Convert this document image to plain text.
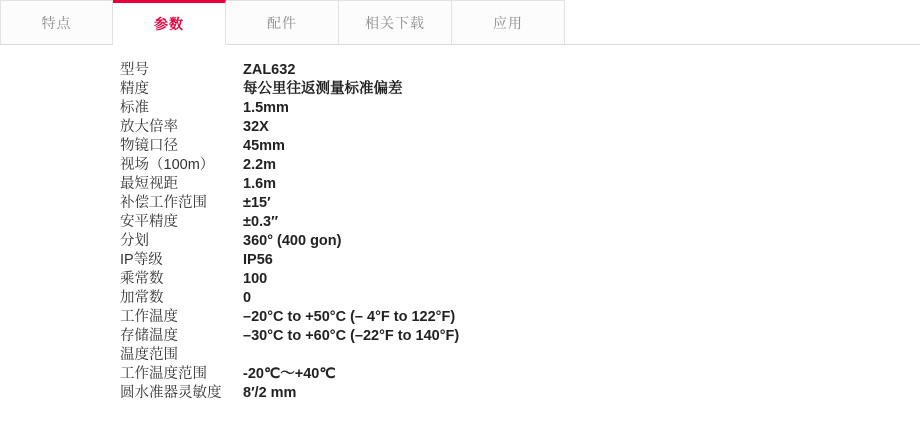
特点	参数	配件	相关下载	应用
型号	ZAL632
精度	每公里往返测量标准偏差
标准	1.5mm
放大倍率	32X
物镜口径	45mm
视场（100m）	2.2m
最短视距	1.6m
补偿工作范围	±15′
安平精度	±0.3″
分划	360° (400 gon)
IP等级	IP56
乘常数	100
加常数	0
工作温度	–20°C to +50°C (– 4°F to 122°F)
存储温度	–30°C to +60°C (–22°F to 140°F)
温度范围	
工作温度范围	-20℃～+40℃
圆水准器灵敏度	8′/2 mm
